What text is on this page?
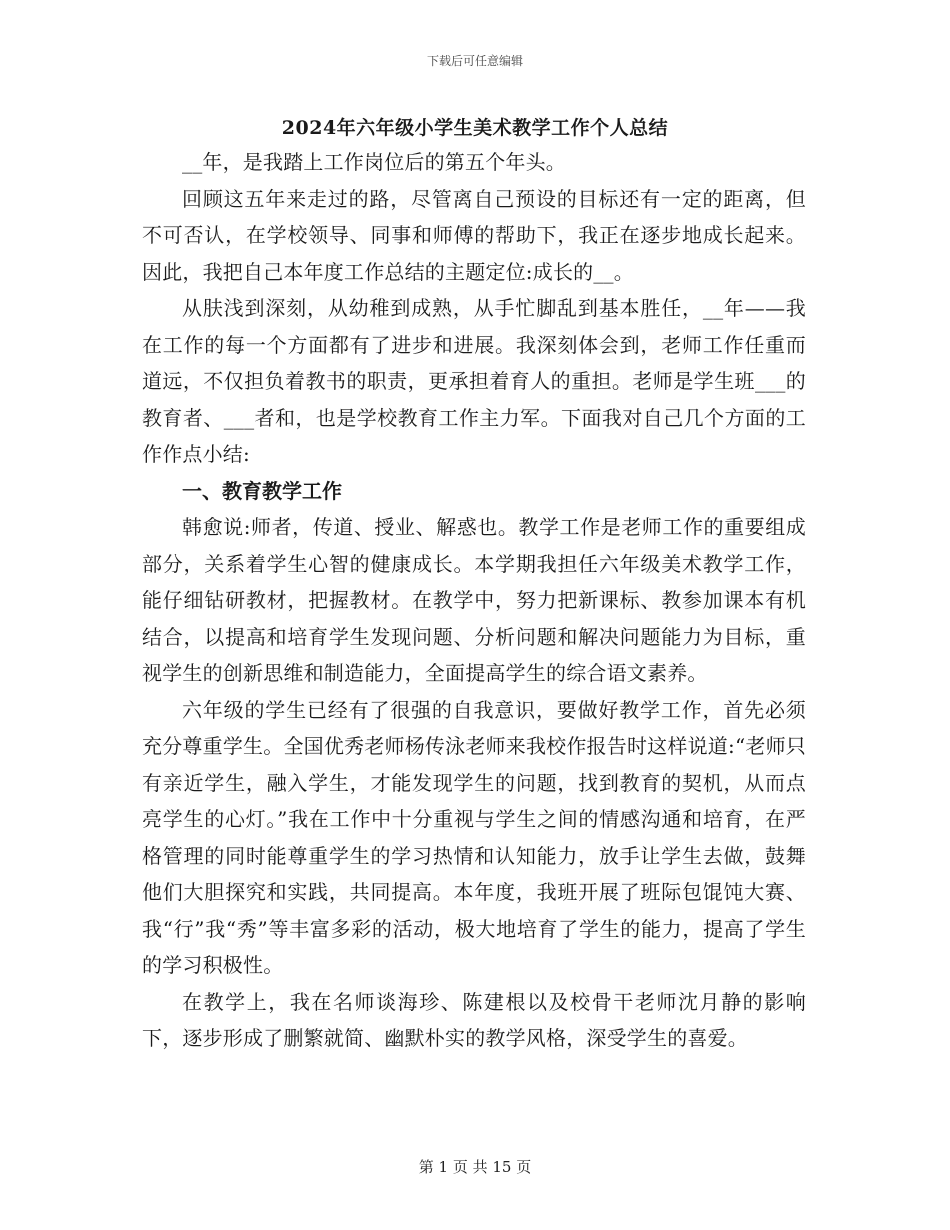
下载后可任意编辑
2024年六年级小学生美术教学工作个人总结

__年，是我踏上工作岗位后的第五个年头。

回顾这五年来走过的路，尽管离自己预设的目标还有一定的距离，但不可否认，在学校领导、同事和师傅的帮助下，我正在逐步地成长起来。因此，我把自己本年度工作总结的主题定位:成长的__。

从肤浅到深刻，从幼稚到成熟，从手忙脚乱到基本胜任，__年——我在工作的每一个方面都有了进步和进展。我深刻体会到，老师工作任重而道远，不仅担负着教书的职责，更承担着育人的重担。老师是学生班___的教育者、___者和，也是学校教育工作主力军。下面我对自己几个方面的工作作点小结:

一、教育教学工作

韩愈说:师者，传道、授业、解惑也。教学工作是老师工作的重要组成部分，关系着学生心智的健康成长。本学期我担任六年级美术教学工作，能仔细钻研教材，把握教材。在教学中，努力把新课标、教参加课本有机结合，以提高和培育学生发现问题、分析问题和解决问题能力为目标，重视学生的创新思维和制造能力，全面提高学生的综合语文素养。

六年级的学生已经有了很强的自我意识，要做好教学工作，首先必须充分尊重学生。全国优秀老师杨传泳老师来我校作报告时这样说道:“老师只有亲近学生，融入学生，才能发现学生的问题，找到教育的契机，从而点亮学生的心灯。”我在工作中十分重视与学生之间的情感沟通和培育，在严格管理的同时能尊重学生的学习热情和认知能力，放手让学生去做，鼓舞他们大胆探究和实践，共同提高。本年度，我班开展了班际包馄饨大赛、我“行”我“秀”等丰富多彩的活动，极大地培育了学生的能力，提高了学生的学习积极性。

在教学上，我在名师谈海珍、陈建根以及校骨干老师沈月静的影响下，逐步形成了删繁就简、幽默朴实的教学风格，深受学生的喜爱。

第 1 页 共 15 页
